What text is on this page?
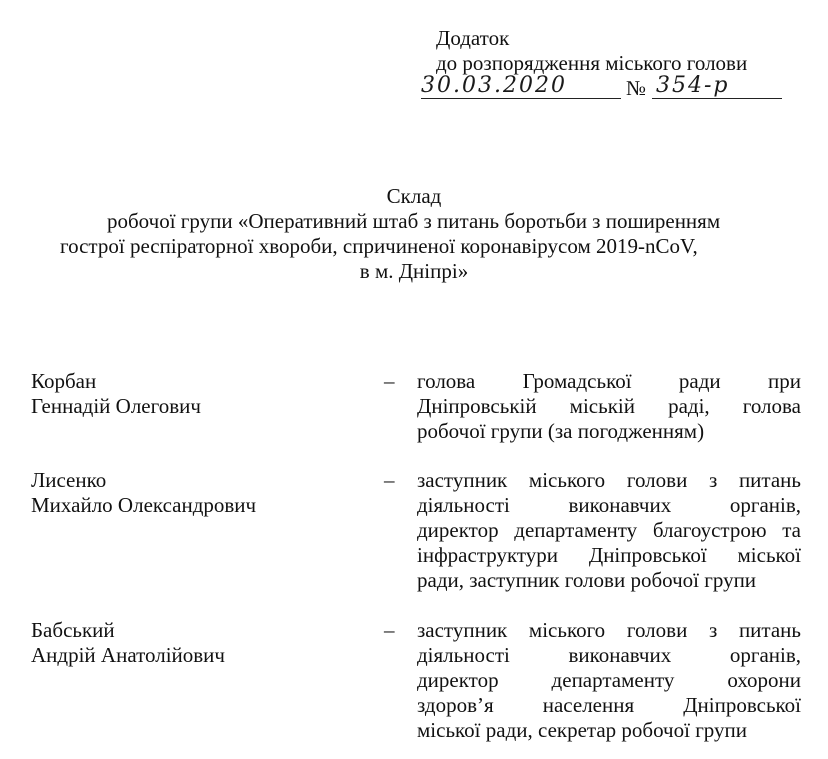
Додаток
до розпорядження міського голови
30.03.2020	№ 354-р
Склад
робочої групи «Оперативний штаб з питань боротьби з поширенням
гострої респіраторної хвороби, спричиненої коронавірусом 2019-nCoV,
в м. Дніпрі»
Корбан
Геннадій Олегович
– голова Громадської ради при
Дніпровській міській раді, голова
робочої групи (за погодженням)
Лисенко
Михайло Олександрович
– заступник міського голови з питань
діяльності виконавчих органів,
директор департаменту благоустрою та
інфраструктури Дніпровської міської
ради, заступник голови робочої групи
Бабський
Андрій Анатолійович
– заступник міського голови з питань
діяльності виконавчих органів,
директор департаменту охорони
здоров’я населення Дніпровської
міської ради, секретар робочої групи
